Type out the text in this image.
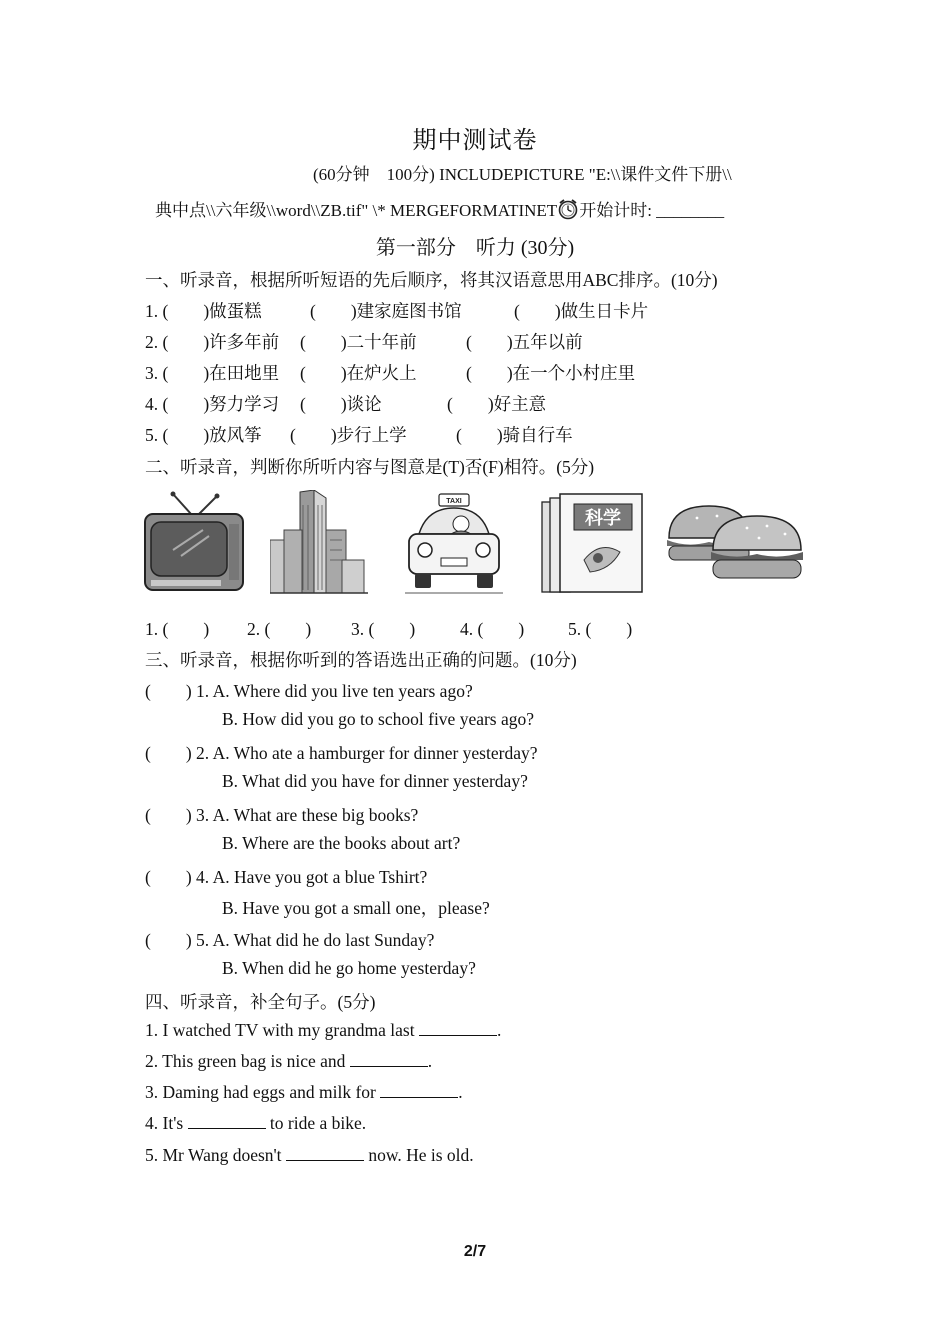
期中测试卷
(60分钟　100分) INCLUDEPICTURE "E:\\课件文件下册\\
典中点\\六年级\\word\\ZB.tif" \* MERGEFORMATINET 开始计时: ________
第一部分　听力 (30分)
一、听录音，根据所听短语的先后顺序，将其汉语意思用ABC排序。(10分)
1. (　　)做蛋糕	(　　)建家庭图书馆	(　　)做生日卡片
2. (　　)许多年前 (　　)二十年前	(　　)五年以前
3. (　　)在田地里 (　　)在炉火上	(　　)在一个小村庄里
4. (　　)努力学习 (　　)谈论	(　　)好主意
5. (　　)放风筝 (　　)步行上学	(　　)骑自行车
二、听录音，判断你所听内容与图意是(T)否(F)相符。(5分)
TAXI
科学
1. (　　) 2. (　　) 3. (　　)	4. (　　)	5. (　　)
三、听录音，根据你听到的答语选出正确的问题。(10分)
(　　) 1. A. Where did you live ten years ago?
B. How did you go to school five years ago?
(　　) 2. A. Who ate a hamburger for dinner yesterday?
B. What did you have for dinner yesterday?
(　　) 3. A. What are these big books?
B. Where are the books about art?
(　　) 4. A. Have you got a blue Tshirt?
B. Have you got a small one，please?
(　　) 5. A. What did he do last Sunday?
B. When did he go home yesterday?
四、听录音，补全句子。(5分)
1. I watched TV with my grandma last	.
2. This green bag is nice and	.
3. Daming had eggs and milk for	.
4. It's	to ride a bike.
5. Mr Wang doesn't	now. He is old.
2/7
